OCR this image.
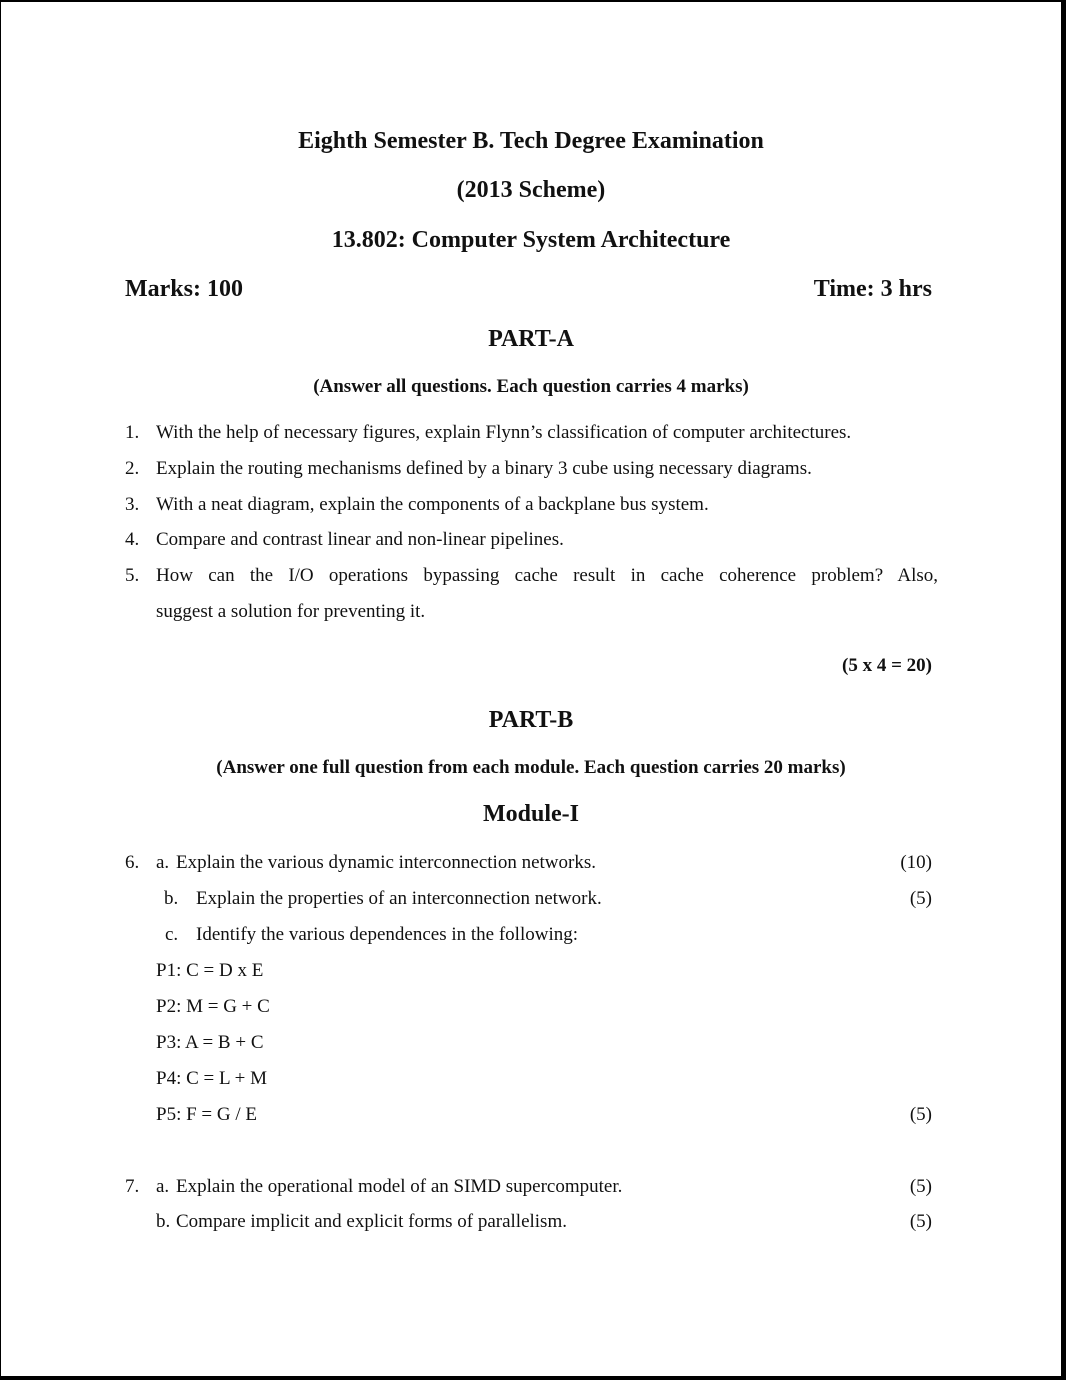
Eighth Semester B. Tech Degree Examination
(2013 Scheme)
13.802: Computer System Architecture
Marks: 100	Time: 3 hrs
PART-A
(Answer all questions. Each question carries 4 marks)
1. With the help of necessary figures, explain Flynn’s classification of computer architectures.
2. Explain the routing mechanisms defined by a binary 3 cube using necessary diagrams.
3. With a neat diagram, explain the components of a backplane bus system.
4. Compare and contrast linear and non-linear pipelines.
5. How can the I/O operations bypassing cache result in cache coherence problem? Also,
suggest a solution for preventing it.
(5 x 4 = 20)
PART-B
(Answer one full question from each module. Each question carries 20 marks)
Module-I
6. a. Explain the various dynamic interconnection networks.	(10)
b. Explain the properties of an interconnection network.	(5)
c. Identify the various dependences in the following:
P1: C = D x E
P2: M = G + C
P3: A = B + C
P4: C = L + M
P5: F = G / E	(5)
7. a. Explain the operational model of an SIMD supercomputer.	(5)
b. Compare implicit and explicit forms of parallelism.	(5)
